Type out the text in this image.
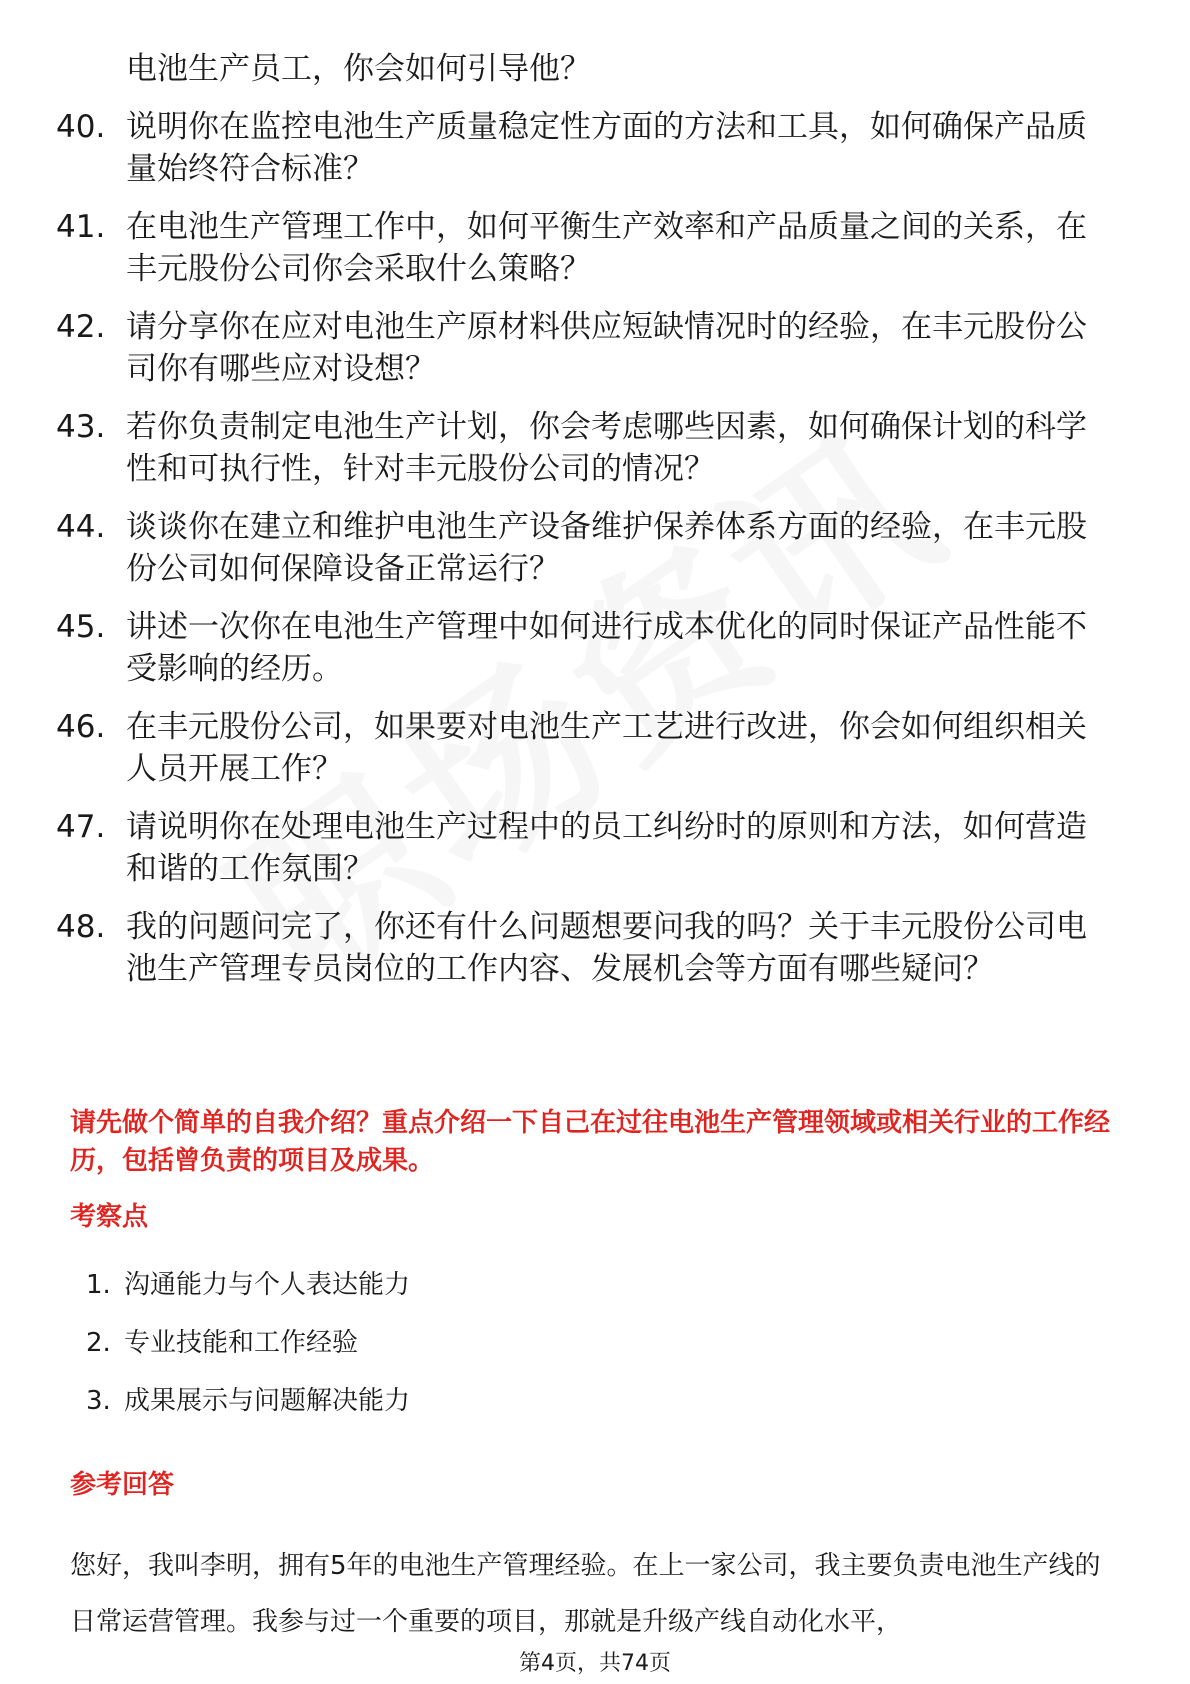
电池生产员工，你会如何引导他？
40. 说明你在监控电池生产质量稳定性方面的方法和工具，如何确保产品质量始终符合标准？
41. 在电池生产管理工作中，如何平衡生产效率和产品质量之间的关系，在丰元股份公司你会采取什么策略？
42. 请分享你在应对电池生产原材料供应短缺情况时的经验，在丰元股份公司你有哪些应对设想？
43. 若你负责制定电池生产计划，你会考虑哪些因素，如何确保计划的科学性和可执行性，针对丰元股份公司的情况？
44. 谈谈你在建立和维护电池生产设备维护保养体系方面的经验，在丰元股份公司如何保障设备正常运行？
45. 讲述一次你在电池生产管理中如何进行成本优化的同时保证产品性能不受影响的经历。
46. 在丰元股份公司，如果要对电池生产工艺进行改进，你会如何组织相关人员开展工作？
47. 请说明你在处理电池生产过程中的员工纠纷时的原则和方法，如何营造和谐的工作氛围？
48. 我的问题问完了，你还有什么问题想要问我的吗？关于丰元股份公司电池生产管理专员岗位的工作内容、发展机会等方面有哪些疑问？
请先做个简单的自我介绍？重点介绍一下自己在过往电池生产管理领域或相关行业的工作经历，包括曾负责的项目及成果。
考察点
1. 沟通能力与个人表达能力
2. 专业技能和工作经验
3. 成果展示与问题解决能力
参考回答
您好，我叫李明，拥有5年的电池生产管理经验。在上一家公司，我主要负责电池生产线的日常运营管理。我参与过一个重要的项目，那就是升级产线自动化水平，
第4页，共74页
